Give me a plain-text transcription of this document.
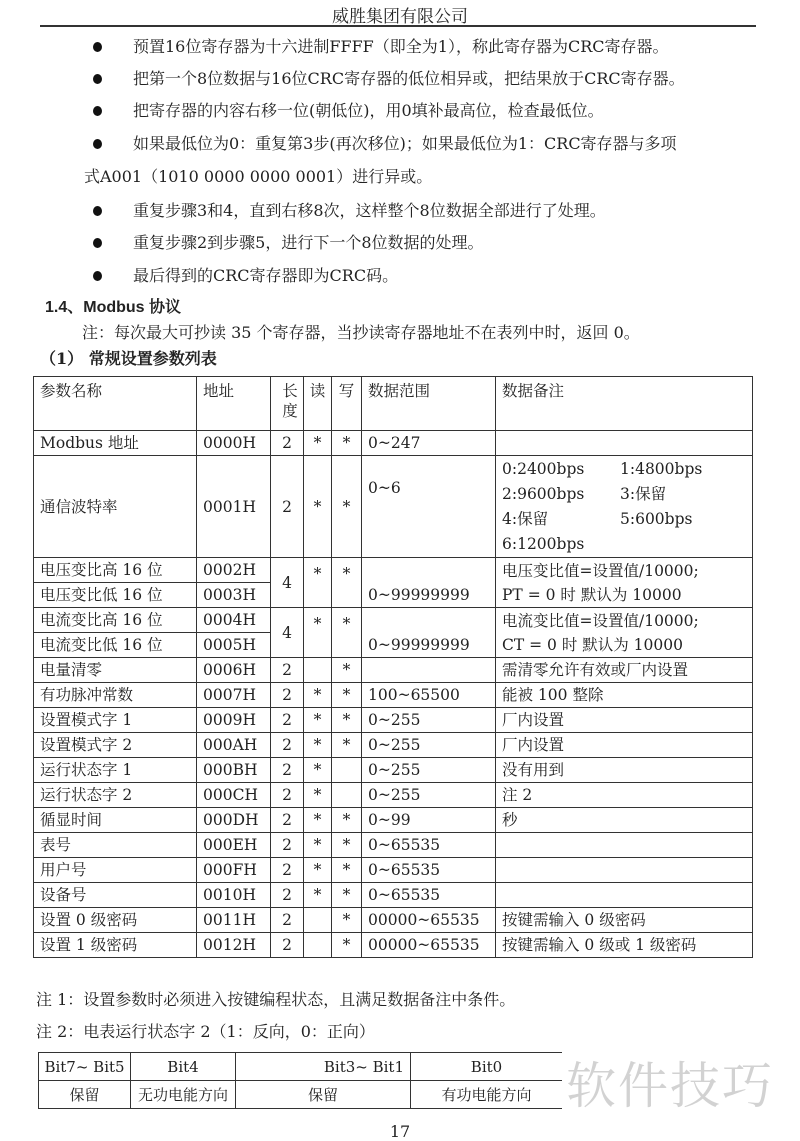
威胜集团有限公司
预置16位寄存器为十六进制FFFF（即全为1），称此寄存器为CRC寄存器。
把第一个8位数据与16位CRC寄存器的低位相异或，把结果放于CRC寄存器。
把寄存器的内容右移一位(朝低位)，用0填补最高位，检查最低位。
如果最低位为0：重复第3步(再次移位)；如果最低位为1：CRC寄存器与多项
式A001（1010 0000 0000 0001）进行异或。
重复步骤3和4，直到右移8次，这样整个8位数据全部进行了处理。
重复步骤2到步骤5，进行下一个8位数据的处理。
最后得到的CRC寄存器即为CRC码。
1.4、Modbus 协议
注：每次最大可抄读 35 个寄存器，当抄读寄存器地址不在表列中时，返回 0。
（1） 常规设置参数列表
参数名称	地址	长度	读	写	数据范围	数据备注
Modbus 地址	0000H	2	*	*	0~247	
通信波特率	0001H	2	*	*	0~6	0:2400bps 1:4800bps
2:9600bps 3:保留
4:保留 5:600bps
6:1200bps
电压变比高 16 位	0002H	4	*	*	0~99999999	电压变比值=设置值/10000;
PT = 0 时 默认为 10000
电压变比低 16 位	0003H					
电流变比高 16 位	0004H	4	*	*	0~99999999	电流变比值=设置值/10000;
CT = 0 时 默认为 10000
电流变比低 16 位	0005H					
电量清零	0006H	2		*		需清零允许有效或厂内设置
有功脉冲常数	0007H	2	*	*	100~65500	能被 100 整除
设置模式字 1	0009H	2	*	*	0~255	厂内设置
设置模式字 2	000AH	2	*	*	0~255	厂内设置
运行状态字 1	000BH	2	*		0~255	没有用到
运行状态字 2	000CH	2	*		0~255	注 2
循显时间	000DH	2	*	*	0~99	秒
表号	000EH	2	*	*	0~65535	
用户号	000FH	2	*	*	0~65535	
设备号	0010H	2	*	*	0~65535	
设置 0 级密码	0011H	2		*	00000~65535	按键需输入 0 级密码
设置 1 级密码	0012H	2		*	00000~65535	按键需输入 0 级或 1 级密码
注 1：设置参数时必须进入按键编程状态，且满足数据备注中条件。
注 2：电表运行状态字 2（1：反向，0：正向）
Bit7~ Bit5	Bit4	Bit3~ Bit1	Bit0
保留	无功电能方向	保留	有功电能方向 软件技巧
17
